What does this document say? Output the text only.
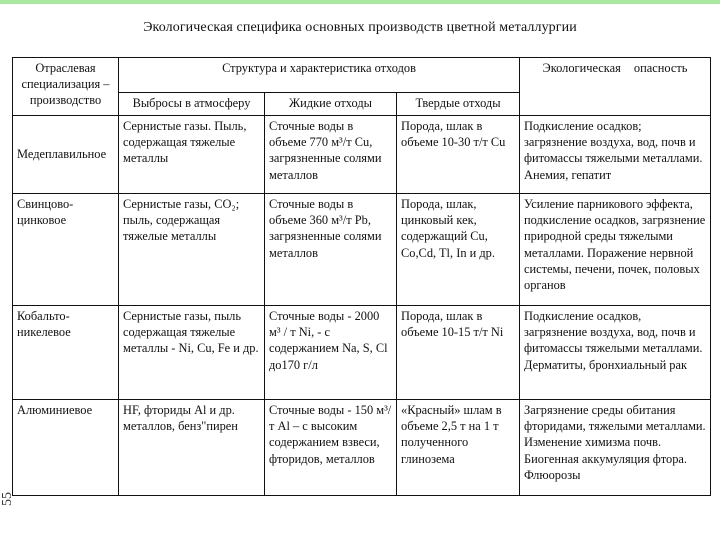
Экологическая специфика основных производств цветной металлургии
Отраслевая специализация – производство	Структура и характеристика отходов			Экологическая опасность
	Выбросы в атмосферу	Жидкие отходы	Твердые отходы	
Медеплавильное	Сернистые газы. Пыль, содержащая тяжелые металлы	Сточные воды в объеме 770 м³/т Cu, загрязненные солями металлов	Порода, шлак в объеме 10-30 т/т Cu	Подкисление осадков; загрязнение воздуха, вод, почв и фитомассы тяжелыми металлами. Анемия, гепатит
Свинцово-цинковое	Сернистые газы, CO₂; пыль, содержащая тяжелые металлы	Сточные воды в объеме 360 м³/т Pb, загрязненные солями металлов	Порода, шлак, цинковый кек, содержащий Cu, Co,Cd, Tl, In и др.	Усиление парникового эффекта, подкисление осадков, загрязнение природной среды тяжелыми металлами. Поражение нервной системы, печени, почек, половых органов
Кобальто-никелевое	Сернистые газы, пыль содержащая тяжелые металлы - Ni, Cu, Fe и др.	Сточные воды - 2000 м³ / т Ni, - с содержанием Na, S, Cl до170 г/л	Порода, шлак в объеме 10-15 т/т Ni	Подкисление осадков, загрязнение воздуха, вод, почв и фитомассы тяжелыми металлами. Дерматиты, бронхиальный рак
Алюминиевое	HF, фториды Al и др. металлов, бенз"пирен	Сточные воды - 150 м³/т Al – с высоким содержанием взвеси, фторидов, металлов	«Красный» шлам в объеме 2,5 т на 1 т полученного глинозема	Загрязнение среды обитания фторидами, тяжелыми металлами. Изменение химизма почв. Биогенная аккумуляция фтора. Флюорозы
55
